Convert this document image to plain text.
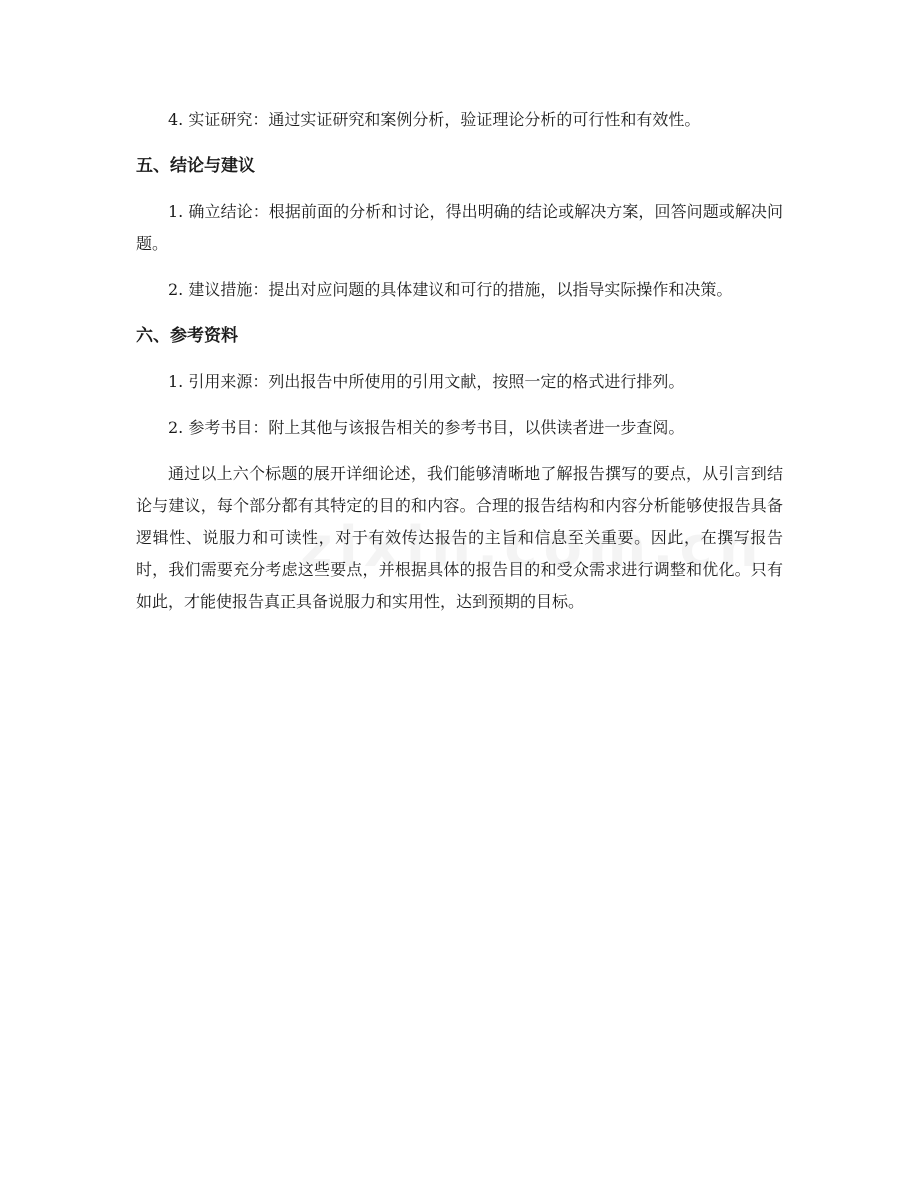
4. 实证研究：通过实证研究和案例分析，验证理论分析的可行性和有效性。

五、结论与建议

1. 确立结论：根据前面的分析和讨论，得出明确的结论或解决方案，回答问题或解决问题。

2. 建议措施：提出对应问题的具体建议和可行的措施，以指导实际操作和决策。

六、参考资料

1. 引用来源：列出报告中所使用的引用文献，按照一定的格式进行排列。

2. 参考书目：附上其他与该报告相关的参考书目，以供读者进一步查阅。

通过以上六个标题的展开详细论述，我们能够清晰地了解报告撰写的要点，从引言到结论与建议，每个部分都有其特定的目的和内容。合理的报告结构和内容分析能够使报告具备逻辑性、说服力和可读性，对于有效传达报告的主旨和信息至关重要。因此，在撰写报告时，我们需要充分考虑这些要点，并根据具体的报告目的和受众需求进行调整和优化。只有如此，才能使报告真正具备说服力和实用性，达到预期的目标。
